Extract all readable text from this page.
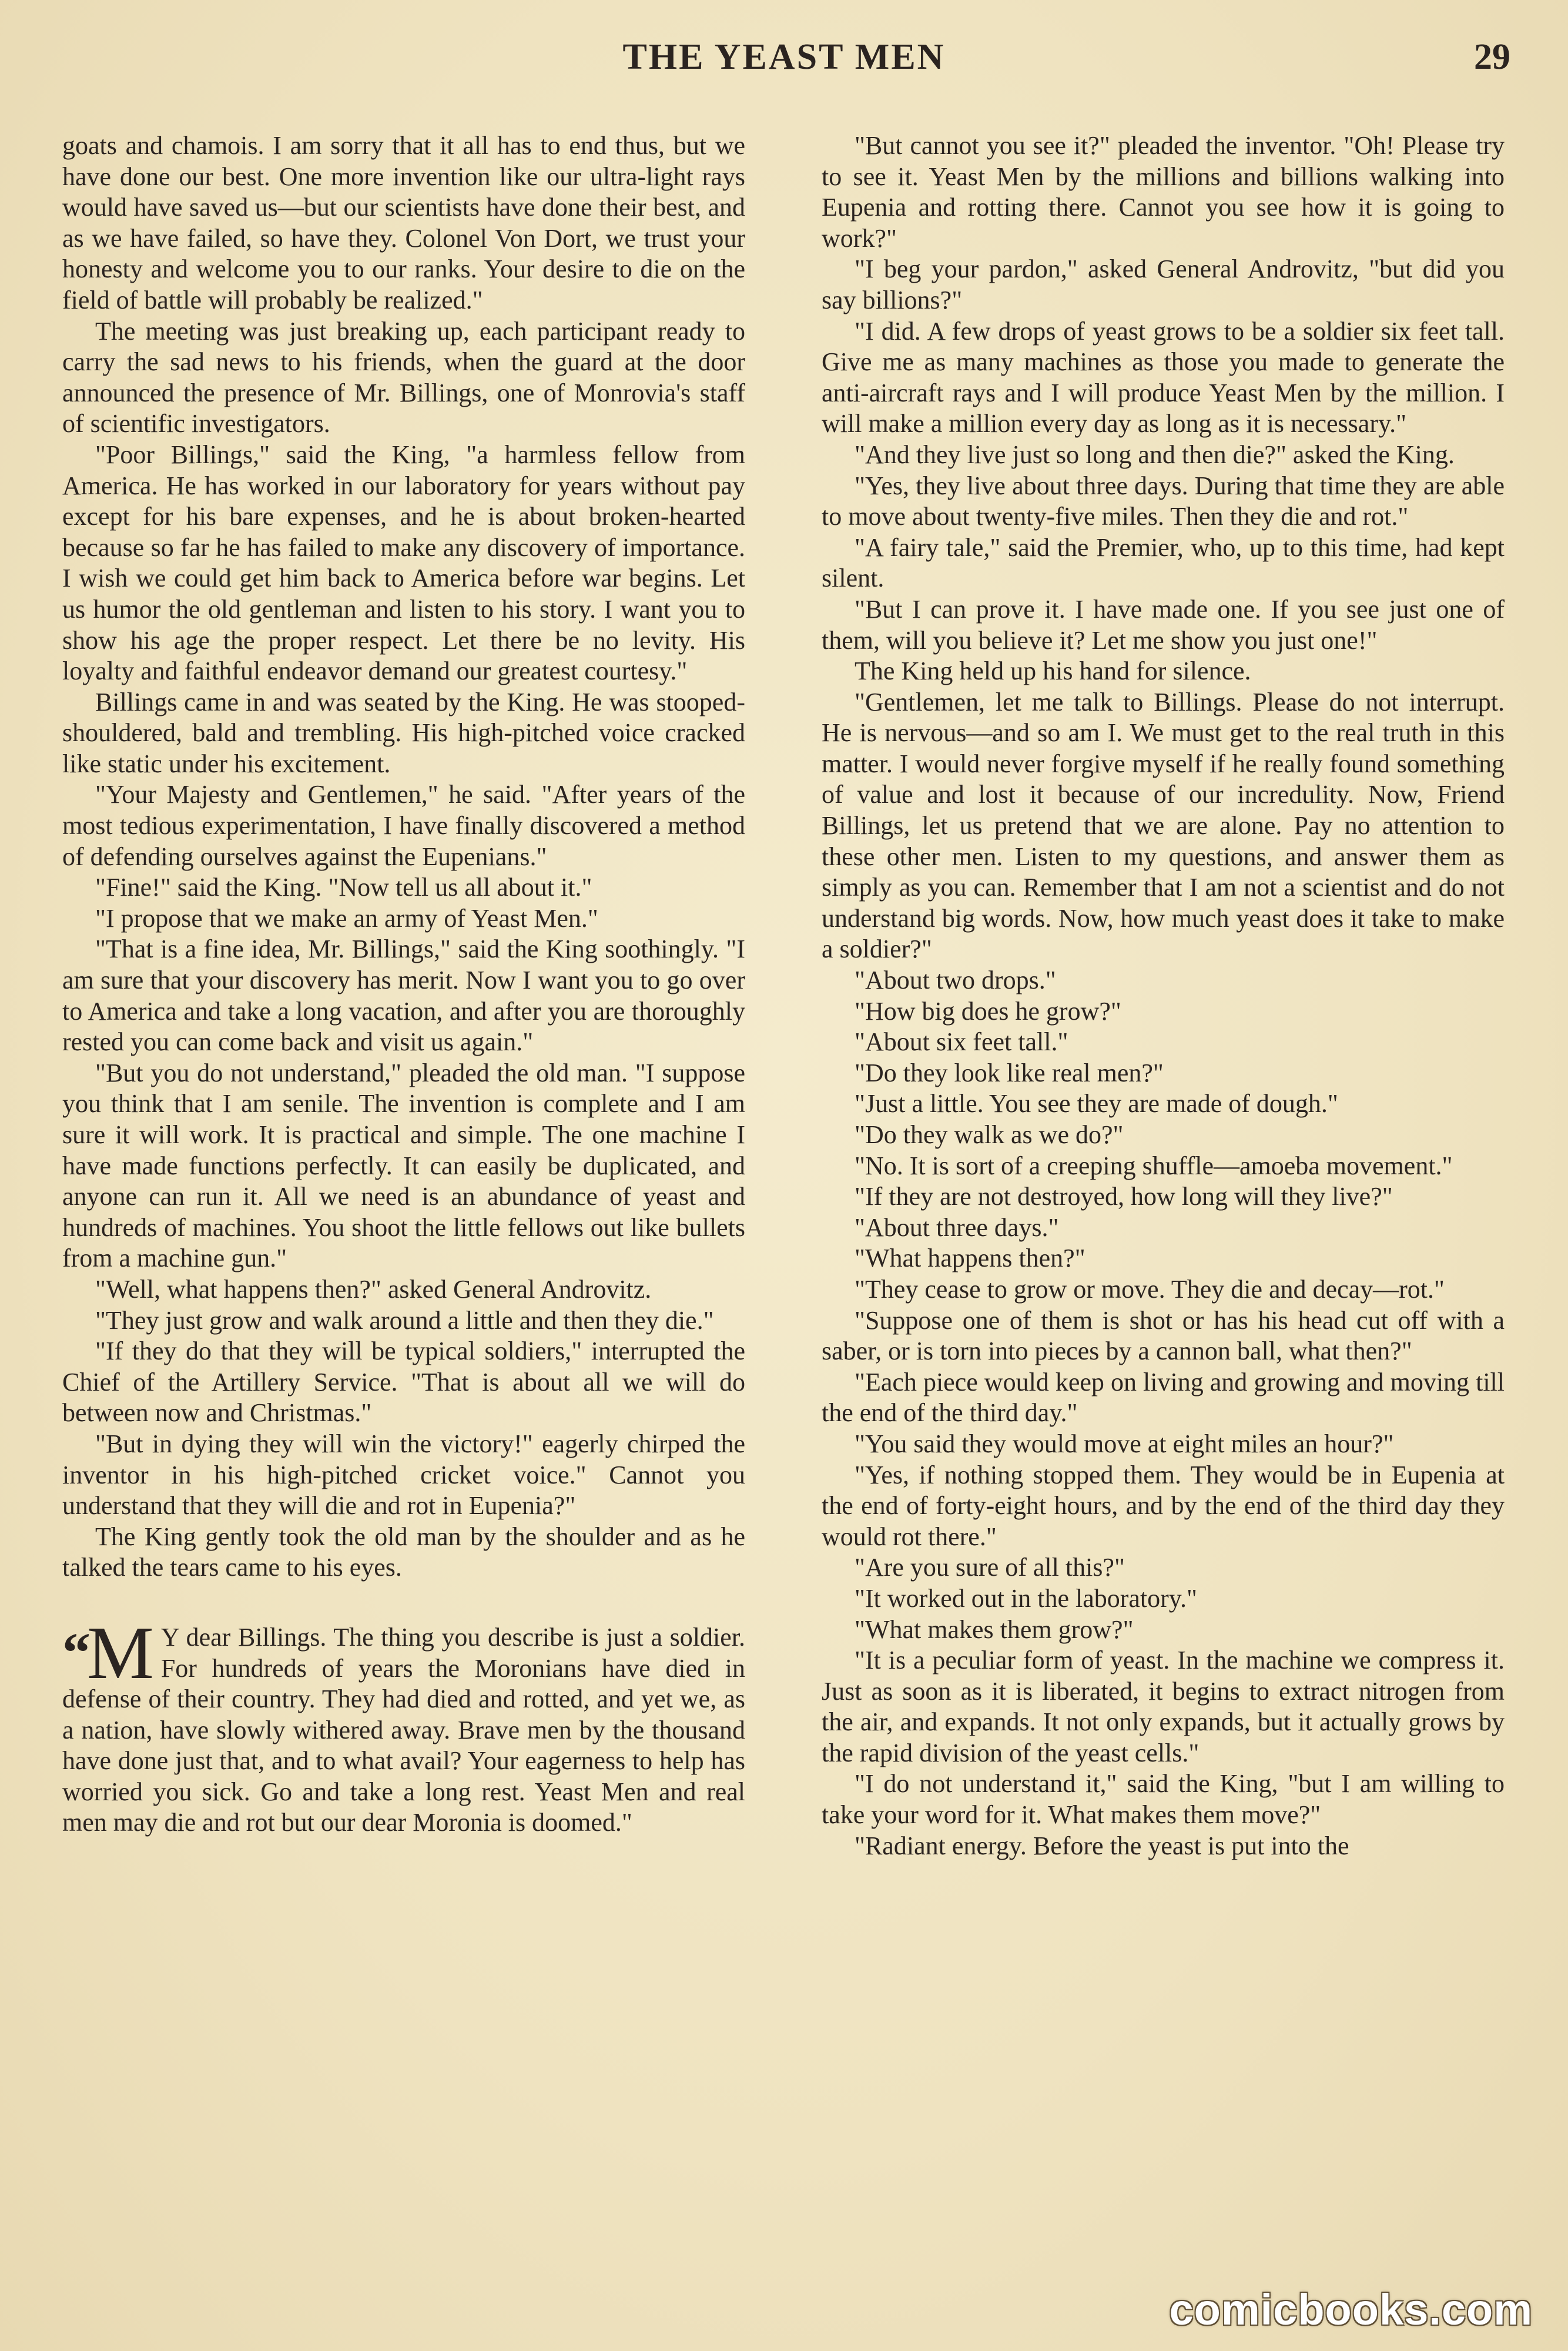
THE YEAST MEN	29

goats and chamois. I am sorry that it all has to end thus, but we have done our best. One more invention like our ultra-light rays would have saved us—but our scientists have done their best, and as we have failed, so have they. Colonel Von Dort, we trust your honesty and welcome you to our ranks. Your desire to die on the field of battle will probably be realized."

The meeting was just breaking up, each participant ready to carry the sad news to his friends, when the guard at the door announced the presence of Mr. Billings, one of Monrovia's staff of scientific investigators.

"Poor Billings," said the King, "a harmless fellow from America. He has worked in our laboratory for years without pay except for his bare expenses, and he is about broken-hearted because so far he has failed to make any discovery of importance. I wish we could get him back to America before war begins. Let us humor the old gentleman and listen to his story. I want you to show his age the proper respect. Let there be no levity. His loyalty and faithful endeavor demand our greatest courtesy."

Billings came in and was seated by the King. He was stooped-shouldered, bald and trembling. His high-pitched voice cracked like static under his excitement.

"Your Majesty and Gentlemen," he said. "After years of the most tedious experimentation, I have finally discovered a method of defending ourselves against the Eupenians."

"Fine!" said the King. "Now tell us all about it."

"I propose that we make an army of Yeast Men."

"That is a fine idea, Mr. Billings," said the King soothingly. "I am sure that your discovery has merit. Now I want you to go over to America and take a long vacation, and after you are thoroughly rested you can come back and visit us again."

"But you do not understand," pleaded the old man. "I suppose you think that I am senile. The invention is complete and I am sure it will work. It is practical and simple. The one machine I have made functions perfectly. It can easily be duplicated, and anyone can run it. All we need is an abundance of yeast and hundreds of machines. You shoot the little fellows out like bullets from a machine gun."

"Well, what happens then?" asked General Androvitz.

"They just grow and walk around a little and then they die."

"If they do that they will be typical soldiers," interrupted the Chief of the Artillery Service. "That is about all we will do between now and Christmas."

"But in dying they will win the victory!" eagerly chirped the inventor in his high-pitched cricket voice." Cannot you understand that they will die and rot in Eupenia?"

The King gently took the old man by the shoulder and as he talked the tears came to his eyes.

“M Y dear Billings. The thing you describe is just a soldier. For hundreds of years the Moronians have died in defense of their country. They had died and rotted, and yet we, as a nation, have slowly withered away. Brave men by the thousand have done just that, and to what avail? Your eagerness to help has worried you sick. Go and take a long rest. Yeast Men and real men may die and rot but our dear Moronia is doomed."

"But cannot you see it?" pleaded the inventor. "Oh! Please try to see it. Yeast Men by the millions and billions walking into Eupenia and rotting there. Cannot you see how it is going to work?"

"I beg your pardon," asked General Androvitz, "but did you say billions?"

"I did. A few drops of yeast grows to be a soldier six feet tall. Give me as many machines as those you made to generate the anti-aircraft rays and I will produce Yeast Men by the million. I will make a million every day as long as it is necessary."

"And they live just so long and then die?" asked the King.

"Yes, they live about three days. During that time they are able to move about twenty-five miles. Then they die and rot."

"A fairy tale," said the Premier, who, up to this time, had kept silent.

"But I can prove it. I have made one. If you see just one of them, will you believe it? Let me show you just one!"

The King held up his hand for silence.

"Gentlemen, let me talk to Billings. Please do not interrupt. He is nervous—and so am I. We must get to the real truth in this matter. I would never forgive myself if he really found something of value and lost it because of our incredulity. Now, Friend Billings, let us pretend that we are alone. Pay no attention to these other men. Listen to my questions, and answer them as simply as you can. Remember that I am not a scientist and do not understand big words. Now, how much yeast does it take to make a soldier?"

"About two drops."

"How big does he grow?"

"About six feet tall."

"Do they look like real men?"

"Just a little. You see they are made of dough."

"Do they walk as we do?"

"No. It is sort of a creeping shuffle—amoeba movement."

"If they are not destroyed, how long will they live?"

"About three days."

"What happens then?"

"They cease to grow or move. They die and decay—rot."

"Suppose one of them is shot or has his head cut off with a saber, or is torn into pieces by a cannon ball, what then?"

"Each piece would keep on living and growing and moving till the end of the third day."

"You said they would move at eight miles an hour?"

"Yes, if nothing stopped them. They would be in Eupenia at the end of forty-eight hours, and by the end of the third day they would rot there."

"Are you sure of all this?"

"It worked out in the laboratory."

"What makes them grow?"

"It is a peculiar form of yeast. In the machine we compress it. Just as soon as it is liberated, it begins to extract nitrogen from the air, and expands. It not only expands, but it actually grows by the rapid division of the yeast cells."

"I do not understand it," said the King, "but I am willing to take your word for it. What makes them move?"

"Radiant energy. Before the yeast is put into the

comicbooks.com
